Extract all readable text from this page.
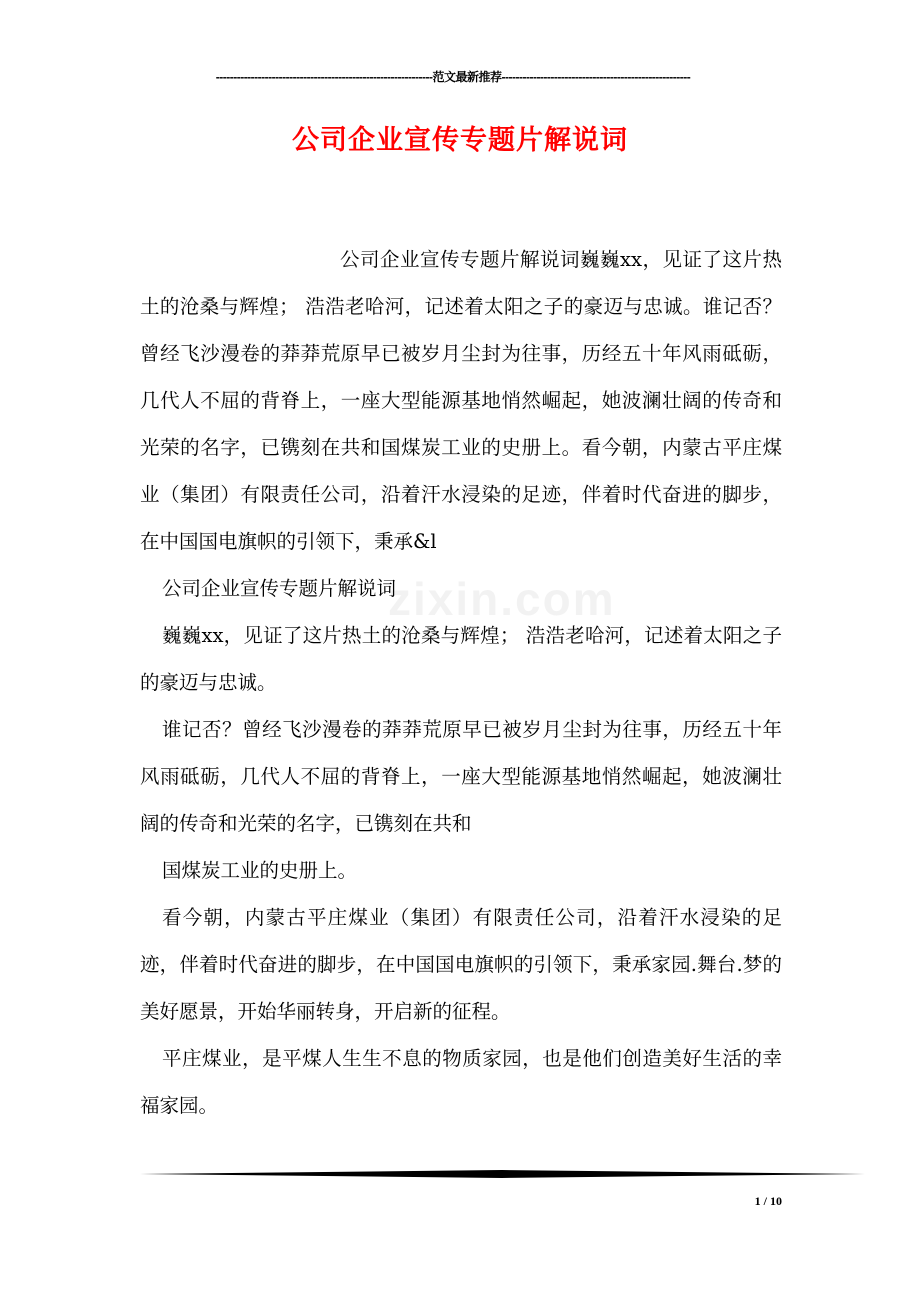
--------------------------------------------------------------范文最新推荐------------------------------------------------------
公司企业宣传专题片解说词
zixin.com

公司企业宣传专题片解说词巍巍xx，见证了这片热土的沧桑与辉煌； 浩浩老哈河，记述着太阳之子的豪迈与忠诚。谁记否？曾经飞沙漫卷的莽莽荒原早已被岁月尘封为往事，历经五十年风雨砥砺，几代人不屈的背脊上，一座大型能源基地悄然崛起，她波澜壮阔的传奇和光荣的名字，已镌刻在共和国煤炭工业的史册上。看今朝，内蒙古平庄煤业（集团）有限责任公司，沿着汗水浸染的足迹，伴着时代奋进的脚步，在中国国电旗帜的引领下，秉承&l

公司企业宣传专题片解说词

巍巍xx，见证了这片热土的沧桑与辉煌； 浩浩老哈河，记述着太阳之子的豪迈与忠诚。

谁记否？曾经飞沙漫卷的莽莽荒原早已被岁月尘封为往事，历经五十年风雨砥砺，几代人不屈的背脊上，一座大型能源基地悄然崛起，她波澜壮阔的传奇和光荣的名字，已镌刻在共和

国煤炭工业的史册上。

看今朝，内蒙古平庄煤业（集团）有限责任公司，沿着汗水浸染的足迹，伴着时代奋进的脚步，在中国国电旗帜的引领下，秉承家园.舞台.梦的美好愿景，开始华丽转身，开启新的征程。

平庄煤业，是平煤人生生不息的物质家园，也是他们创造美好生活的幸福家园。

1 / 10
